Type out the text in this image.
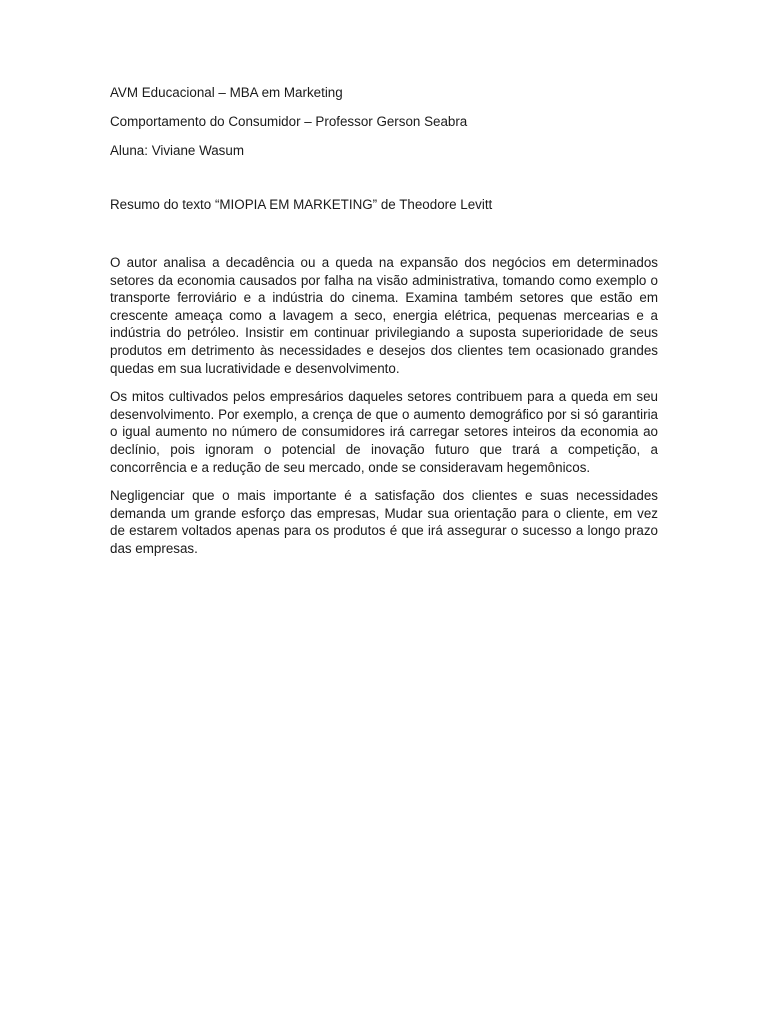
AVM Educacional – MBA em Marketing
Comportamento do Consumidor – Professor Gerson Seabra
Aluna: Viviane Wasum
Resumo do texto “MIOPIA EM MARKETING” de Theodore Levitt

O autor analisa a decadência ou a queda na expansão dos negócios em determinados setores da economia causados por falha na visão administrativa, tomando como exemplo o transporte ferroviário e a indústria do cinema. Examina também setores que estão em crescente ameaça como a lavagem a seco, energia elétrica, pequenas mercearias e a indústria do petróleo. Insistir em continuar privilegiando a suposta superioridade de seus produtos em detrimento às necessidades e desejos dos clientes tem ocasionado grandes quedas em sua lucratividade e desenvolvimento.

Os mitos cultivados pelos empresários daqueles setores contribuem para a queda em seu desenvolvimento. Por exemplo, a crença de que o aumento demográfico por si só garantiria o igual aumento no número de consumidores irá carregar setores inteiros da economia ao declínio, pois ignoram o potencial de inovação futuro que trará a competição, a concorrência e a redução de seu mercado, onde se consideravam hegemônicos.

Negligenciar que o mais importante é a satisfação dos clientes e suas necessidades demanda um grande esforço das empresas, Mudar sua orientação para o cliente, em vez de estarem voltados apenas para os produtos é que irá assegurar o sucesso a longo prazo das empresas.
